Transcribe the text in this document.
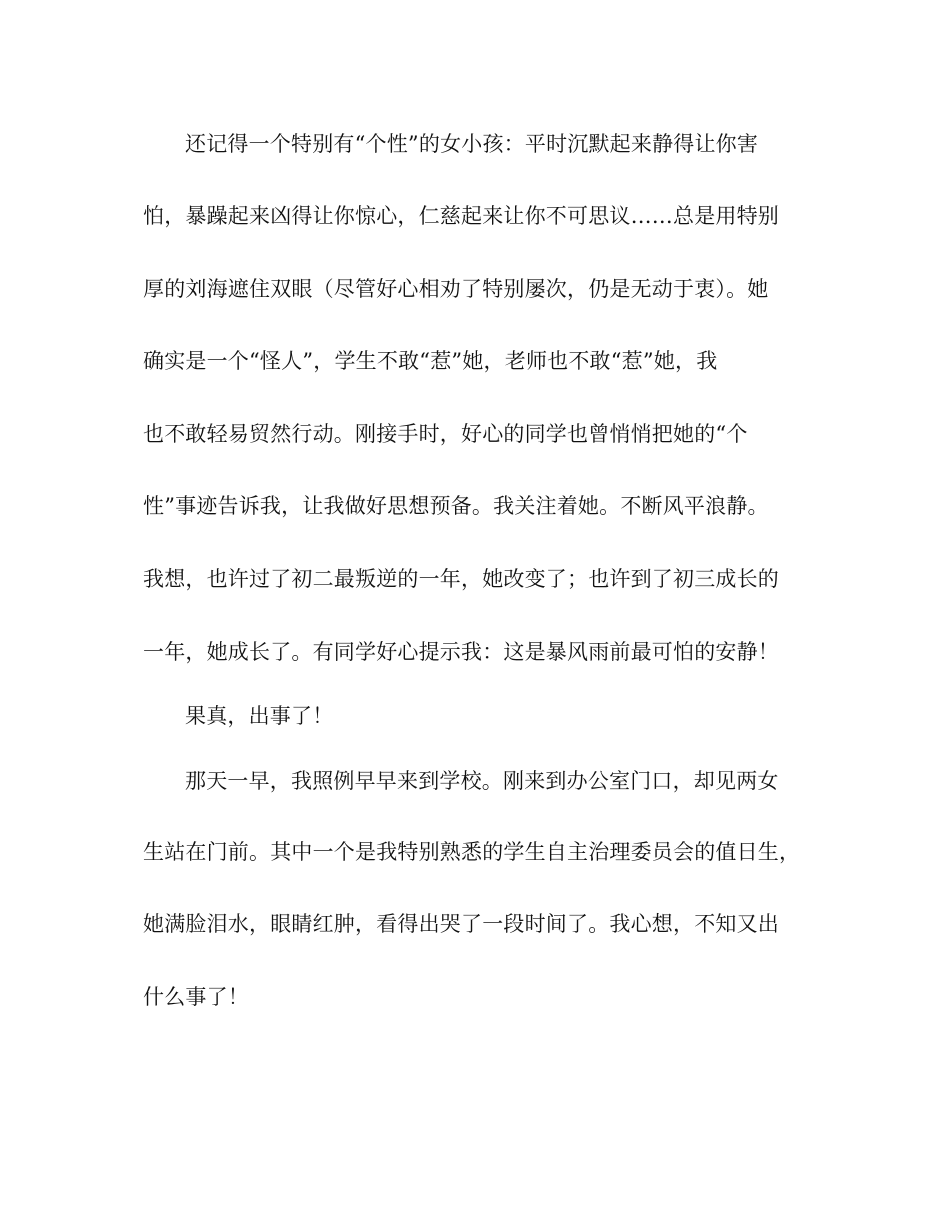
还记得一个特别有“个性”的女小孩：平时沉默起来静得让你害
怕，暴躁起来凶得让你惊心，仁慈起来让你不可思议……总是用特别
厚的刘海遮住双眼（尽管好心相劝了特别屡次，仍是无动于衷）。她
确实是一个“怪人”，学生不敢“惹”她，老师也不敢“惹”她，我
也不敢轻易贸然行动。刚接手时，好心的同学也曾悄悄把她的“个
性”事迹告诉我，让我做好思想预备。我关注着她。不断风平浪静。
我想，也许过了初二最叛逆的一年，她改变了；也许到了初三成长的
一年，她成长了。有同学好心提示我：这是暴风雨前最可怕的安静！
果真，出事了！
那天一早，我照例早早来到学校。刚来到办公室门口，却见两女
生站在门前。其中一个是我特别熟悉的学生自主治理委员会的值日生，
她满脸泪水，眼睛红肿，看得出哭了一段时间了。我心想，不知又出
什么事了！
